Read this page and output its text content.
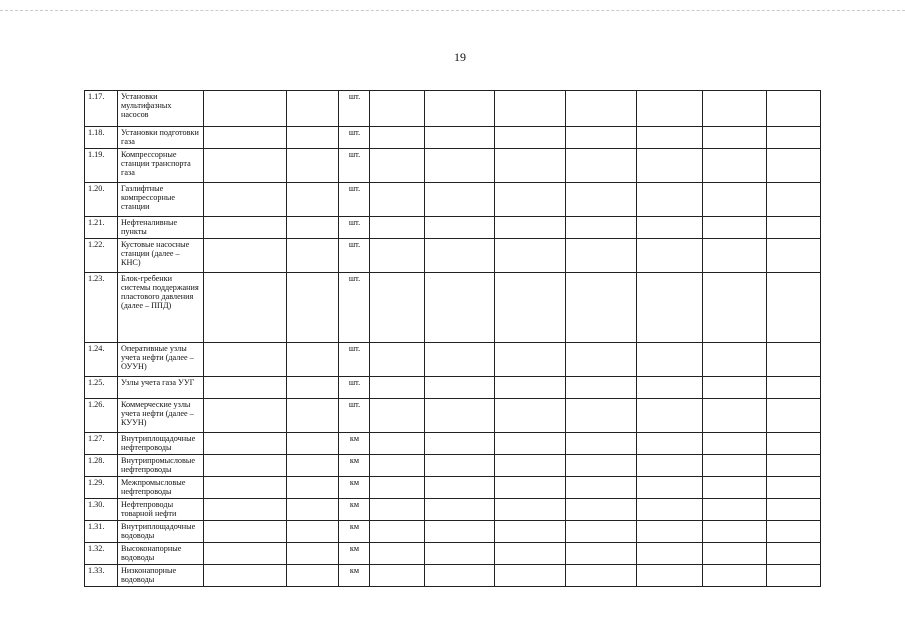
19
1.17.	Установки мультифазных насосов			шт.							
1.18.	Установки подготовки газа			шт.							
1.19.	Компрессорные станции транспорта газа			шт.							
1.20.	Газлифтные компрессорные станции			шт.							
1.21.	Нефтеналивные пункты			шт.							
1.22.	Кустовые насосные станции (далее – КНС)			шт.							
1.23.	Блок-гребенки системы поддержания пластового давления (далее – ППД)			шт.							
1.24.	Оперативные узлы учета нефти (далее – ОУУН)			шт.							
1.25.	Узлы учета газа УУГ			шт.							
1.26.	Коммерческие узлы учета нефти (далее – КУУН)			шт.							
1.27.	Внутриплощадочные нефтепроводы			км							
1.28.	Внутрипромысловые нефтепроводы			км							
1.29.	Межпромысловые нефтепроводы			км							
1.30.	Нефтепроводы товарной нефти			км							
1.31.	Внутриплощадочные водоводы			км							
1.32.	Высоконапорные водоводы			км							
1.33.	Низконапорные водоводы			км							
